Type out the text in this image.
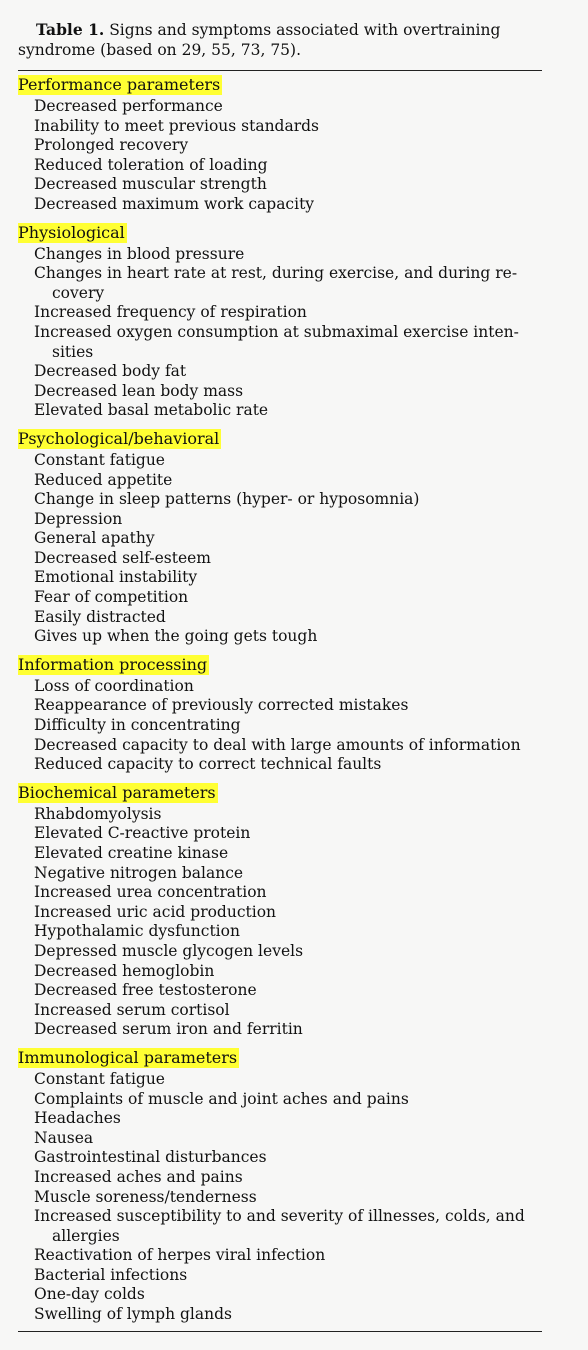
Table 1. Signs and symptoms associated with overtraining
syndrome (based on 29, 55, 73, 75).
Performance parameters
Decreased performance
Inability to meet previous standards
Prolonged recovery
Reduced toleration of loading
Decreased muscular strength
Decreased maximum work capacity
Physiological
Changes in blood pressure
Changes in heart rate at rest, during exercise, and during re-
covery
Increased frequency of respiration
Increased oxygen consumption at submaximal exercise inten-
sities
Decreased body fat
Decreased lean body mass
Elevated basal metabolic rate
Psychological/behavioral
Constant fatigue
Reduced appetite
Change in sleep patterns (hyper- or hyposomnia)
Depression
General apathy
Decreased self-esteem
Emotional instability
Fear of competition
Easily distracted
Gives up when the going gets tough
Information processing
Loss of coordination
Reappearance of previously corrected mistakes
Difficulty in concentrating
Decreased capacity to deal with large amounts of information
Reduced capacity to correct technical faults
Biochemical parameters
Rhabdomyolysis
Elevated C-reactive protein
Elevated creatine kinase
Negative nitrogen balance
Increased urea concentration
Increased uric acid production
Hypothalamic dysfunction
Depressed muscle glycogen levels
Decreased hemoglobin
Decreased free testosterone
Increased serum cortisol
Decreased serum iron and ferritin
Immunological parameters
Constant fatigue
Complaints of muscle and joint aches and pains
Headaches
Nausea
Gastrointestinal disturbances
Increased aches and pains
Muscle soreness/tenderness
Increased susceptibility to and severity of illnesses, colds, and
allergies
Reactivation of herpes viral infection
Bacterial infections
One-day colds
Swelling of lymph glands
